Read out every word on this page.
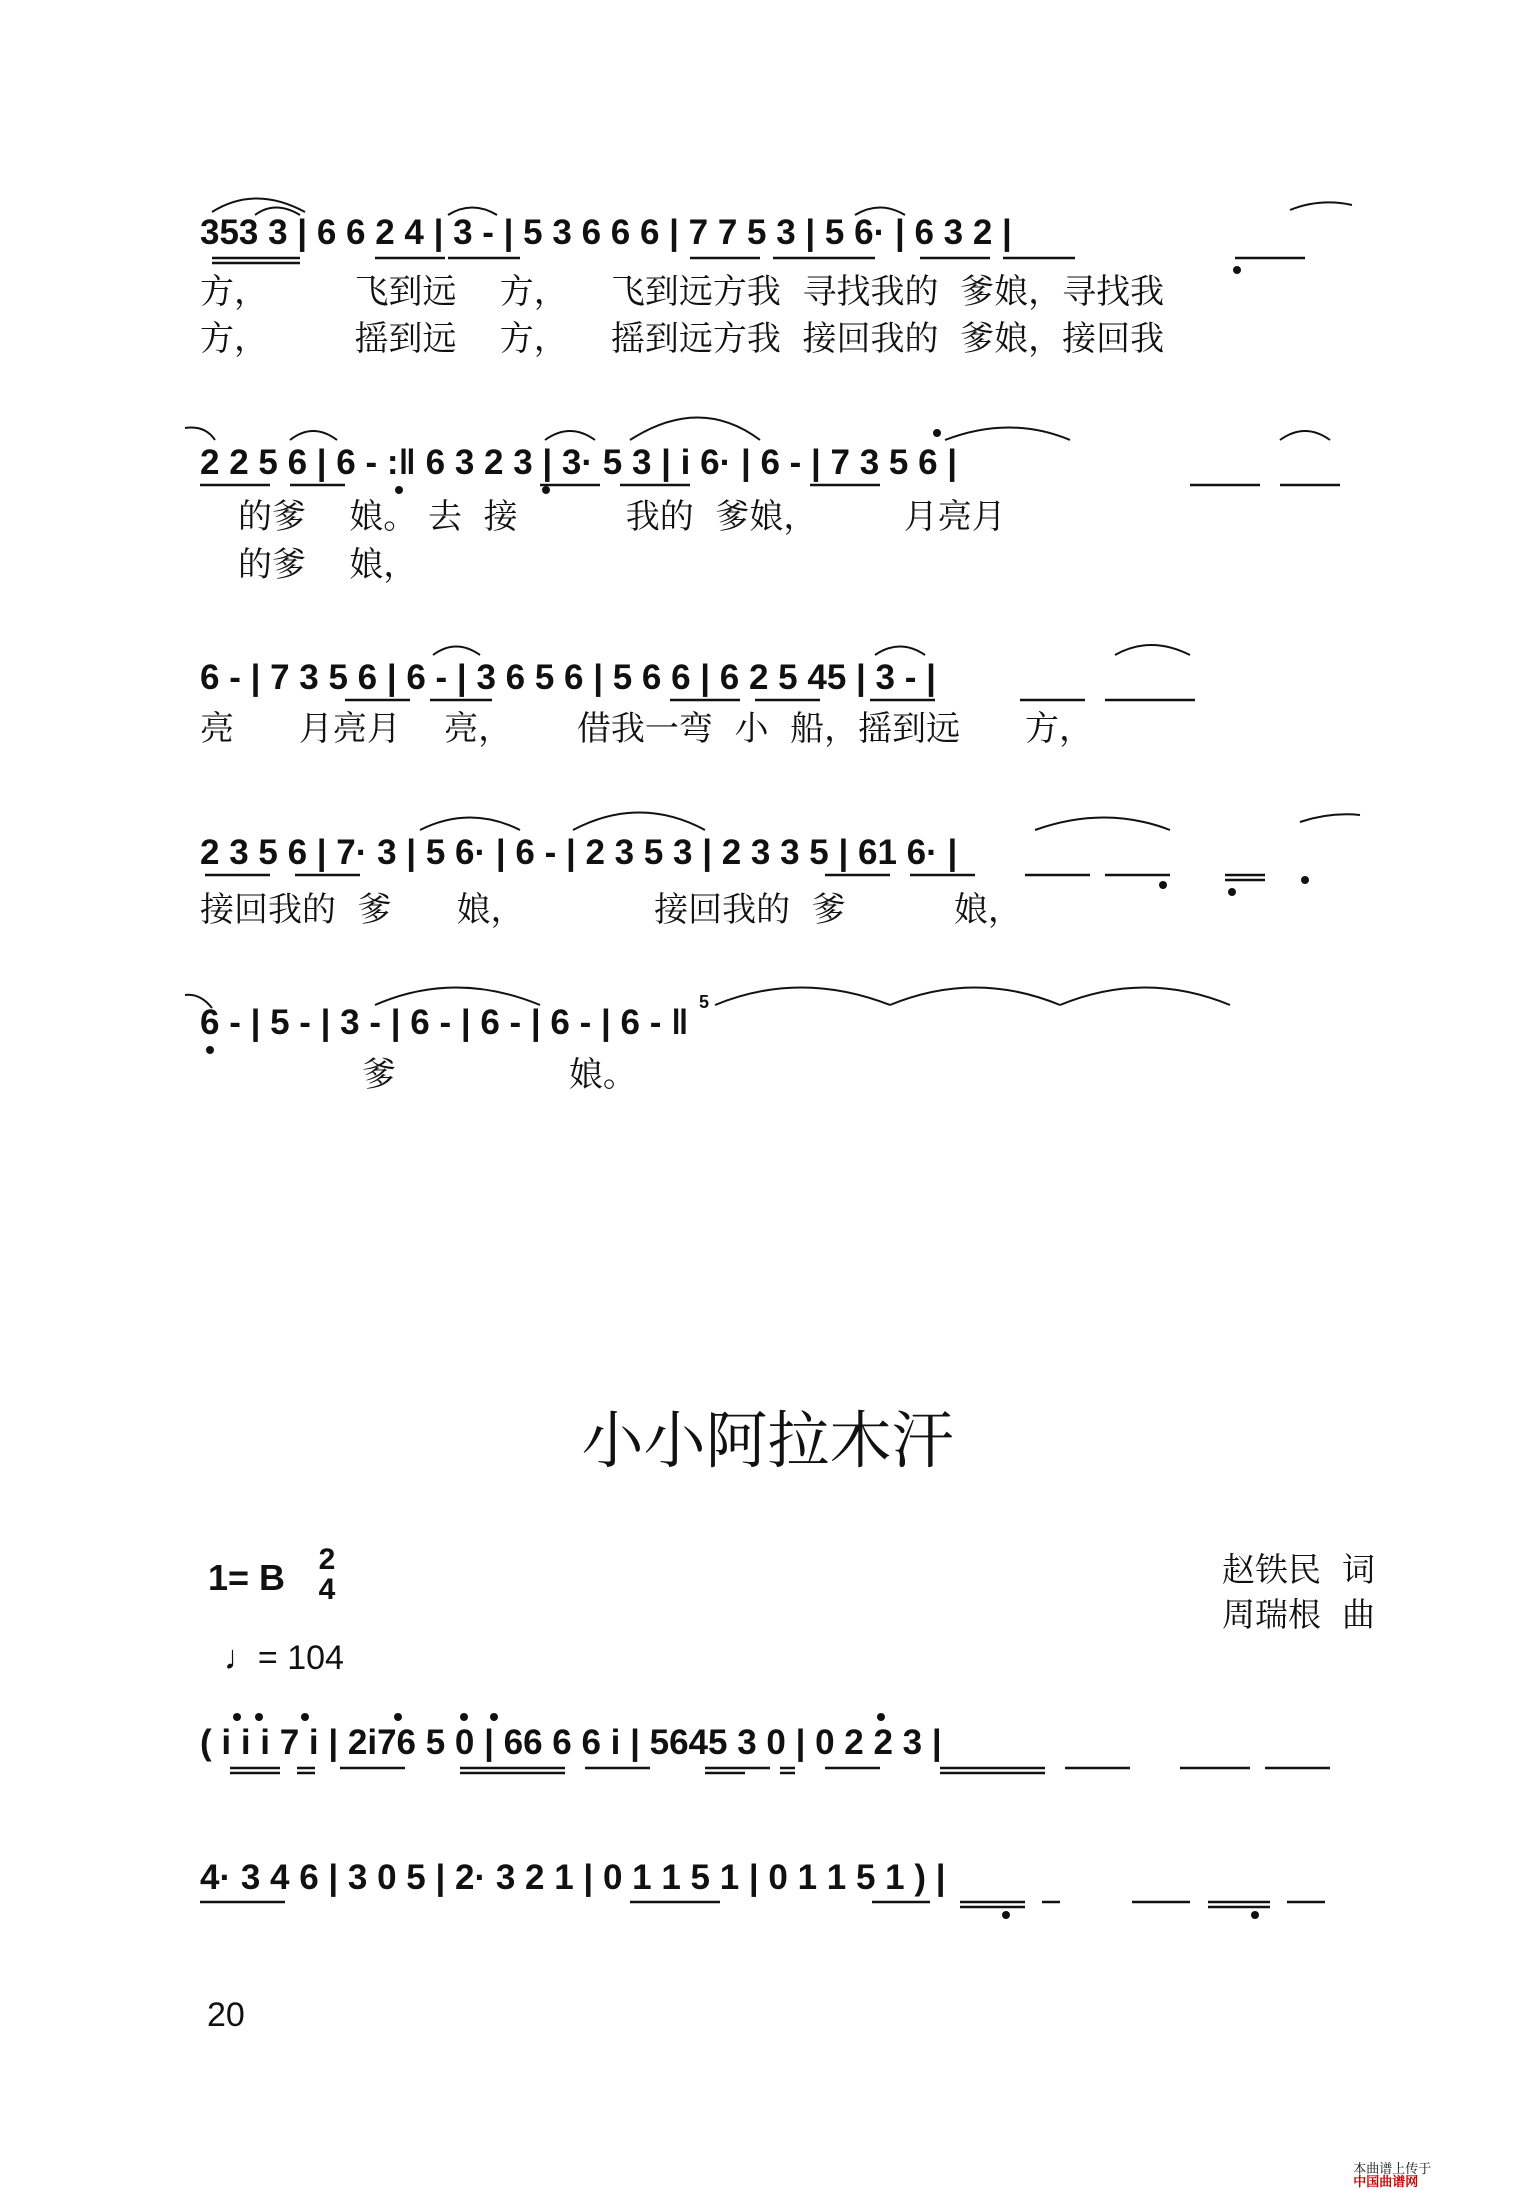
353 3 | 6 6 2 4 | 3 - | 5 3 6 6 6 | 7 7 5 3 | 5 6· | 6 3 2 |
方，        飞到远    方，    飞到远方我  寻找我的  爹娘，寻找我
方，        摇到远    方，    摇到远方我  接回我的  爹娘，接回我
2 2 5 6 | 6 - :‖ 6 3 2 3 | 3· 5 3 | i 6· | 6 - | 7 3 5 6 |
的爹    娘。 去  接          我的  爹娘，        月亮月
的爹    娘，
6 - | 7 3 5 6 | 6 - | 3 6 5 6 | 5 6 6 | 6 2 5 45 | 3 - |
亮      月亮月    亮，      借我一弯  小  船，摇到远      方，
2 3 5 6 | 7· 3 | 5 6· | 6 - | 2 3 5 3 | 2 3 3 5 | 61 6· |
接回我的  爹      娘，            接回我的  爹          娘，
6 - | 5 - | 3 - | 6 - | 6 - | 6 - | 6 - ‖
5
爹                娘。
小小阿拉木汗
1= B 2
4

♩= 104

赵铁民  词
周瑞根  曲
( i i i 7 i | 2i76 5 0 | 66 6 6 i | 5645 3 0 | 0 2 2 3 |
4· 3 4 6 | 3 0 5 | 2· 3 2 1 | 0 1 1 5 1 | 0 1 1 5 1 ) |
20

本曲谱上传于
中国曲谱网
